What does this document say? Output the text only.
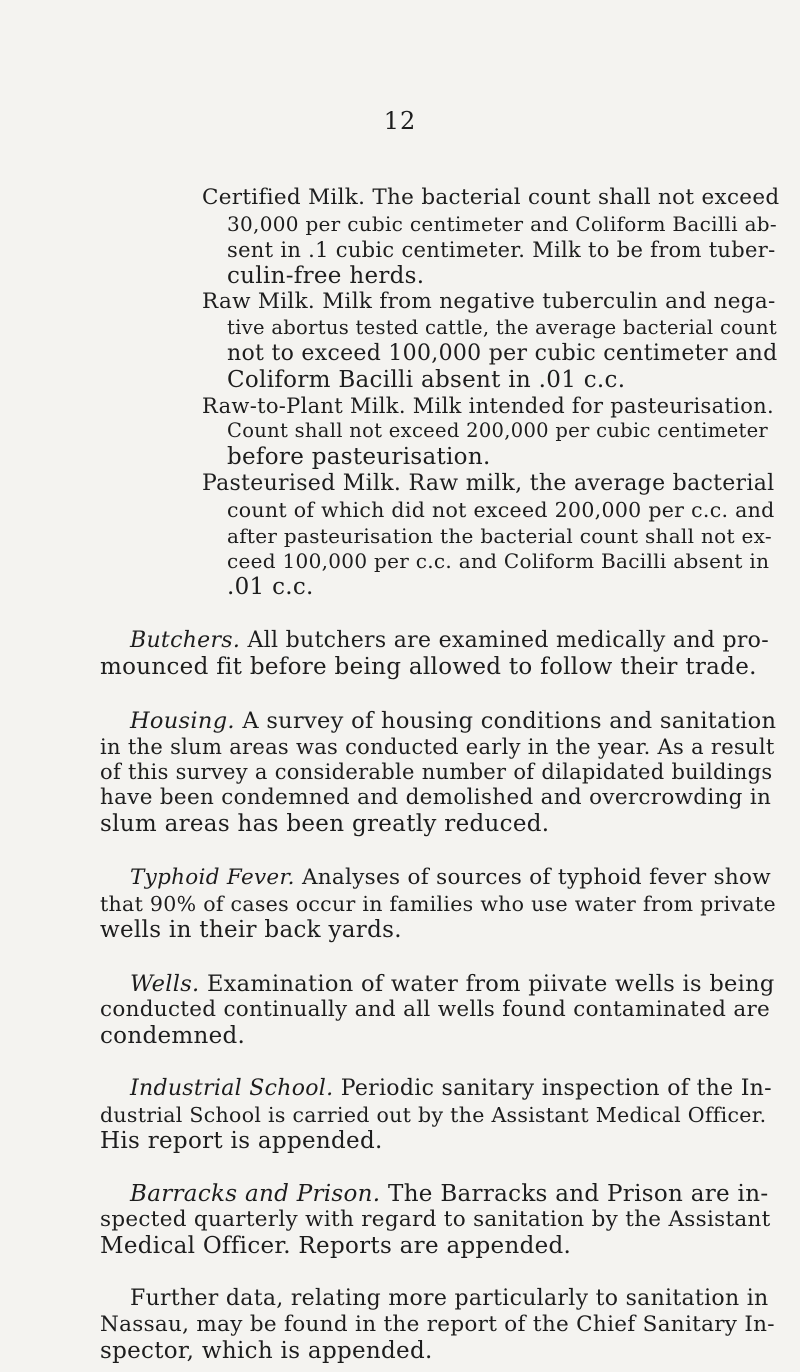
12
Certified Milk. The bacterial count shall not exceed
30,000 per cubic centimeter and Coliform Bacilli ab-
sent in .1 cubic centimeter. Milk to be from tuber-
culin-free herds.
Raw Milk. Milk from negative tuberculin and nega-
tive abortus tested cattle, the average bacterial count
not to exceed 100,000 per cubic centimeter and
Coliform Bacilli absent in .01 c.c.
Raw-to-Plant Milk. Milk intended for pasteurisation.
Count shall not exceed 200,000 per cubic centimeter
before pasteurisation.
Pasteurised Milk. Raw milk, the average bacterial
count of which did not exceed 200,000 per c.c. and
after pasteurisation the bacterial count shall not ex-
ceed 100,000 per c.c. and Coliform Bacilli absent in
.01 c.c.
Butchers. All butchers are examined medically and pro-
mounced fit before being allowed to follow their trade.
Housing. A survey of housing conditions and sanitation
in the slum areas was conducted early in the year. As a result
of this survey a considerable number of dilapidated buildings
have been condemned and demolished and overcrowding in
slum areas has been greatly reduced.
Typhoid Fever. Analyses of sources of typhoid fever show
that 90% of cases occur in families who use water from private
wells in their back yards.
Wells. Examination of water from piivate wells is being
conducted continually and all wells found contaminated are
condemned.
Industrial School. Periodic sanitary inspection of the In-
dustrial School is carried out by the Assistant Medical Officer.
His report is appended.
Barracks and Prison. The Barracks and Prison are in-
spected quarterly with regard to sanitation by the Assistant
Medical Officer. Reports are appended.
Further data, relating more particularly to sanitation in
Nassau, may be found in the report of the Chief Sanitary In-
spector, which is appended.
